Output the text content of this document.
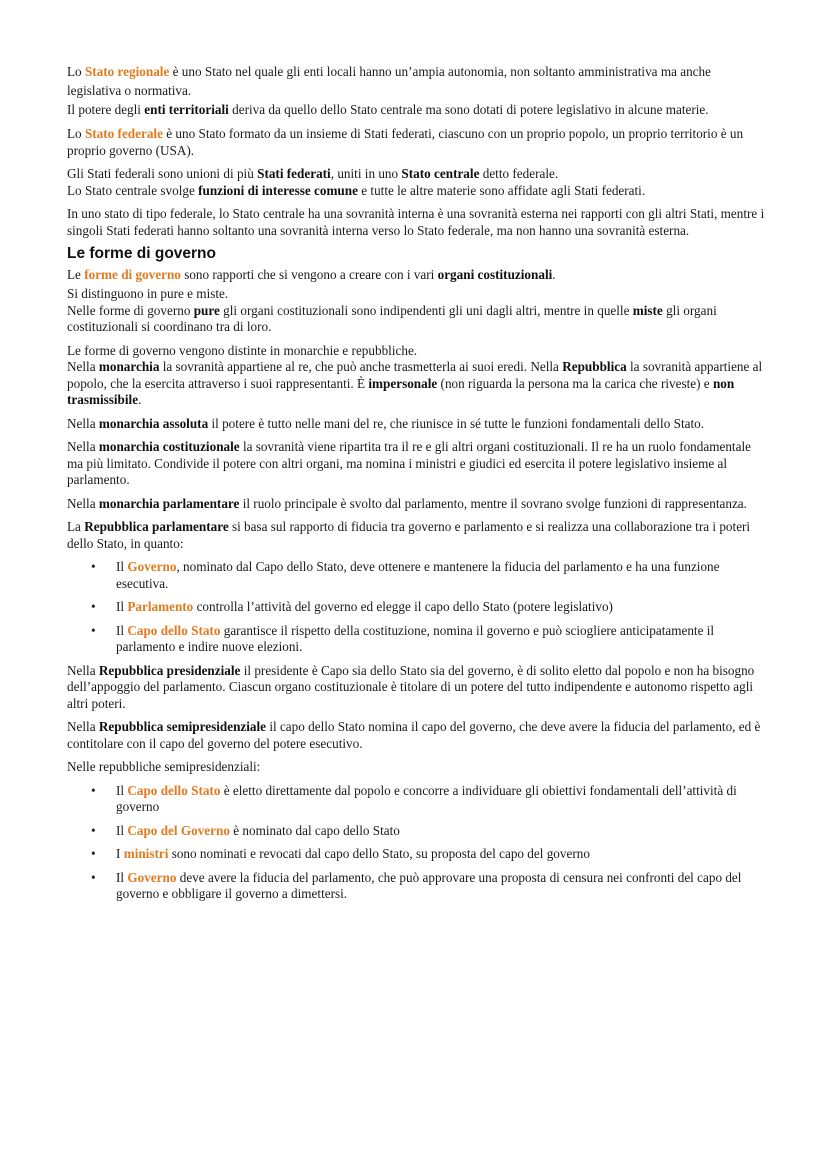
Lo Stato regionale è uno Stato nel quale gli enti locali hanno un’ampia autonomia, non soltanto amministrativa ma anche legislativa o normativa.
Il potere degli enti territoriali deriva da quello dello Stato centrale ma sono dotati di potere legislativo in alcune materie.

Lo Stato federale è uno Stato formato da un insieme di Stati federati, ciascuno con un proprio popolo, un proprio territorio è un proprio governo (USA).

Gli Stati federali sono unioni di più Stati federati, uniti in uno Stato centrale detto federale.
Lo Stato centrale svolge funzioni di interesse comune e tutte le altre materie sono affidate agli Stati federati.

In uno stato di tipo federale, lo Stato centrale ha una sovranità interna è una sovranità esterna nei rapporti con gli altri Stati, mentre i singoli Stati federati hanno soltanto una sovranità interna verso lo Stato federale, ma non hanno una sovranità esterna.

Le forme di governo

Le forme di governo sono rapporti che si vengono a creare con i vari organi costituzionali.

Si distinguono in pure e miste.
Nelle forme di governo pure gli organi costituzionali sono indipendenti gli uni dagli altri, mentre in quelle miste gli organi costituzionali si coordinano tra di loro.

Le forme di governo vengono distinte in monarchie e repubbliche.
Nella monarchia la sovranità appartiene al re, che può anche trasmetterla ai suoi eredi. Nella Repubblica la sovranità appartiene al popolo, che la esercita attraverso i suoi rappresentanti. È impersonale (non riguarda la persona ma la carica che riveste) e non trasmissibile.

Nella monarchia assoluta il potere è tutto nelle mani del re, che riunisce in sé tutte le funzioni fondamentali dello Stato.

Nella monarchia costituzionale la sovranità viene ripartita tra il re e gli altri organi costituzionali. Il re ha un ruolo fondamentale ma più limitato. Condivide il potere con altri organi, ma nomina i ministri e giudici ed esercita il potere legislativo insieme al parlamento.

Nella monarchia parlamentare il ruolo principale è svolto dal parlamento, mentre il sovrano svolge funzioni di rappresentanza.

La Repubblica parlamentare si basa sul rapporto di fiducia tra governo e parlamento e si realizza una collaborazione tra i poteri dello Stato, in quanto:

• Il Governo, nominato dal Capo dello Stato, deve ottenere e mantenere la fiducia del parlamento e ha una funzione esecutiva.
• Il Parlamento controlla l’attività del governo ed elegge il capo dello Stato (potere legislativo)
• Il Capo dello Stato garantisce il rispetto della costituzione, nomina il governo e può sciogliere anticipatamente il parlamento e indire nuove elezioni.

Nella Repubblica presidenziale il presidente è Capo sia dello Stato sia del governo, è di solito eletto dal popolo e non ha bisogno dell’appoggio del parlamento. Ciascun organo costituzionale è titolare di un potere del tutto indipendente e autonomo rispetto agli altri poteri.

Nella Repubblica semipresidenziale il capo dello Stato nomina il capo del governo, che deve avere la fiducia del parlamento, ed è contitolare con il capo del governo del potere esecutivo.

Nelle repubbliche semipresidenziali:

• Il Capo dello Stato è eletto direttamente dal popolo e concorre a individuare gli obiettivi fondamentali dell’attività di governo
• Il Capo del Governo è nominato dal capo dello Stato
• I ministri sono nominati e revocati dal capo dello Stato, su proposta del capo del governo
• Il Governo deve avere la fiducia del parlamento, che può approvare una proposta di censura nei confronti del capo del governo e obbligare il governo a dimettersi.
